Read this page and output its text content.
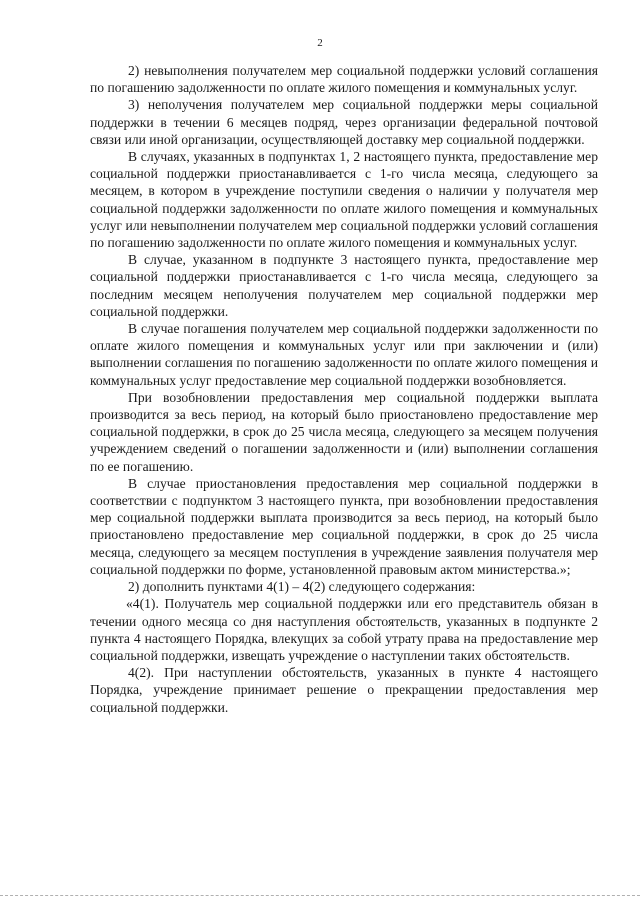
2

2) невыполнения получателем мер социальной поддержки условий соглашения по погашению задолженности по оплате жилого помещения и коммунальных услуг.

3) неполучения получателем мер социальной поддержки меры социальной поддержки в течении 6 месяцев подряд, через организации федеральной почтовой связи или иной организации, осуществляющей доставку мер социальной поддержки.

В случаях, указанных в подпунктах 1, 2 настоящего пункта, предоставление мер социальной поддержки приостанавливается с 1-го числа месяца, следующего за месяцем, в котором в учреждение поступили сведения о наличии у получателя мер социальной поддержки задолженности по оплате жилого помещения и коммунальных услуг или невыполнении получателем мер социальной поддержки условий соглашения по погашению задолженности по оплате жилого помещения и коммунальных услуг.

В случае, указанном в подпункте 3 настоящего пункта, предоставление мер социальной поддержки приостанавливается с 1-го числа месяца, следующего за последним месяцем неполучения получателем мер социальной поддержки мер социальной поддержки.

В случае погашения получателем мер социальной поддержки задолженности по оплате жилого помещения и коммунальных услуг или при заключении и (или) выполнении соглашения по погашению задолженности по оплате жилого помещения и коммунальных услуг предоставление мер социальной поддержки возобновляется.

При возобновлении предоставления мер социальной поддержки выплата производится за весь период, на который было приостановлено предоставление мер социальной поддержки, в срок до 25 числа месяца, следующего за месяцем получения учреждением сведений о погашении задолженности и (или) выполнении соглашения по ее погашению.

В случае приостановления предоставления мер социальной поддержки в соответствии с подпунктом 3 настоящего пункта, при возобновлении предоставления мер социальной поддержки выплата производится за весь период, на который было приостановлено предоставление мер социальной поддержки, в срок до 25 числа месяца, следующего за месяцем поступления в учреждение заявления получателя мер социальной поддержки по форме, установленной правовым актом министерства.»;

2) дополнить пунктами 4(1) – 4(2) следующего содержания:

«4(1). Получатель мер социальной поддержки или его представитель обязан в течении одного месяца со дня наступления обстоятельств, указанных в подпункте 2 пункта 4 настоящего Порядка, влекущих за собой утрату права на предоставление мер социальной поддержки, извещать учреждение о наступлении таких обстоятельств.

4(2). При наступлении обстоятельств, указанных в пункте 4 настоящего Порядка, учреждение принимает решение о прекращении предоставления мер социальной поддержки.
